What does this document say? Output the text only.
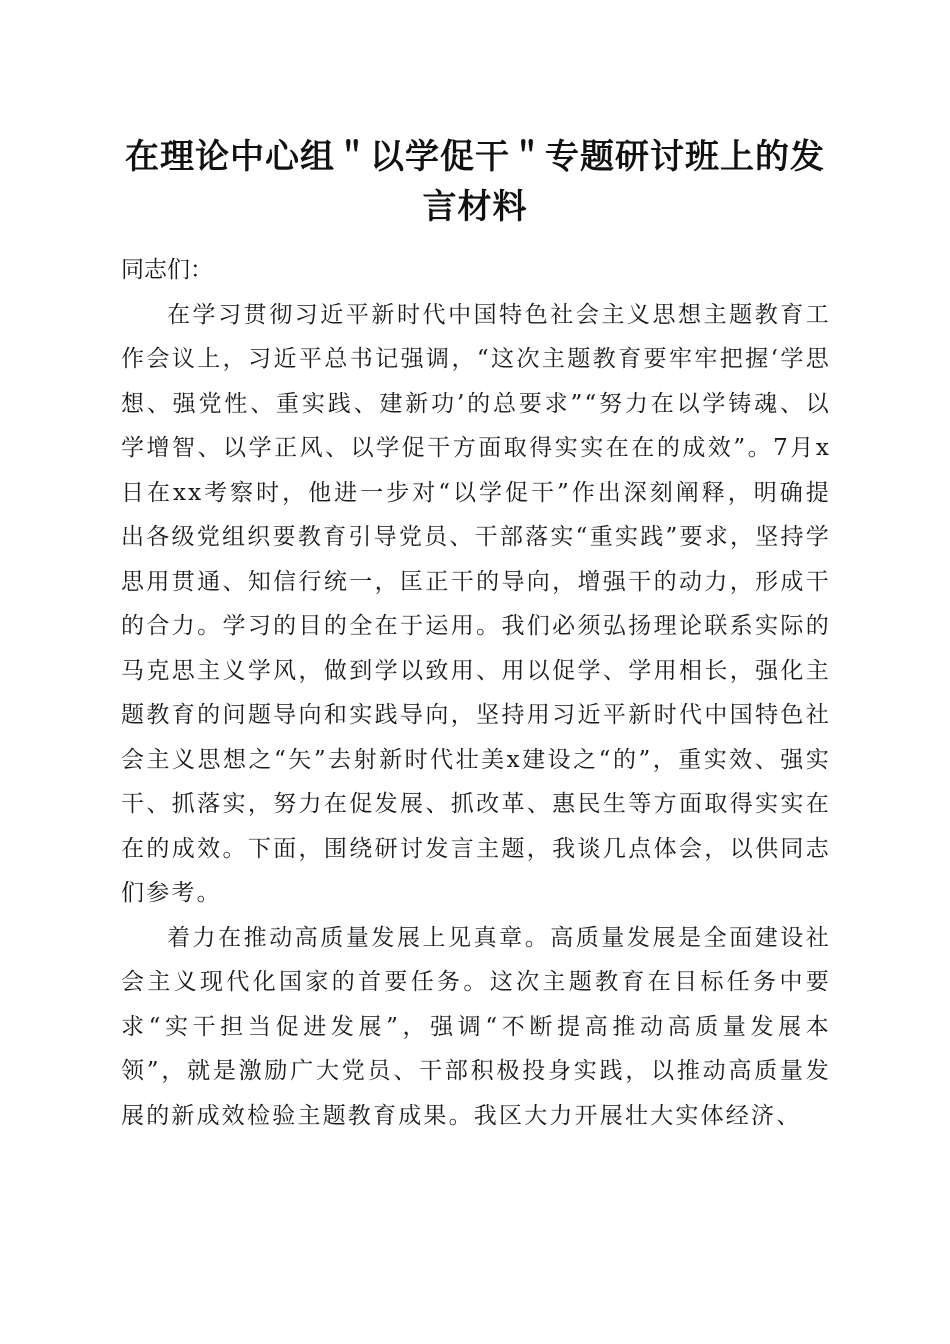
在理论中心组＂以学促干＂专题研讨班上的发言材料

同志们：

在学习贯彻习近平新时代中国特色社会主义思想主题教育工作会议上，习近平总书记强调，“这次主题教育要牢牢把握‘学思想、强党性、重实践、建新功’的总要求”“努力在以学铸魂、以学增智、以学正风、以学促干方面取得实实在在的成效”。7月x日在xx考察时，他进一步对“以学促干”作出深刻阐释，明确提出各级党组织要教育引导党员、干部落实“重实践”要求，坚持学思用贯通、知信行统一，匡正干的导向，增强干的动力，形成干的合力。学习的目的全在于运用。我们必须弘扬理论联系实际的马克思主义学风，做到学以致用、用以促学、学用相长，强化主题教育的问题导向和实践导向，坚持用习近平新时代中国特色社会主义思想之“矢”去射新时代壮美x建设之“的”，重实效、强实干、抓落实，努力在促发展、抓改革、惠民生等方面取得实实在在的成效。下面，围绕研讨发言主题，我谈几点体会，以供同志们参考。

着力在推动高质量发展上见真章。高质量发展是全面建设社会主义现代化国家的首要任务。这次主题教育在目标任务中要求“实干担当促进发展”，强调“不断提高推动高质量发展本领”，就是激励广大党员、干部积极投身实践，以推动高质量发展的新成效检验主题教育成果。我区大力开展壮大实体经济、
